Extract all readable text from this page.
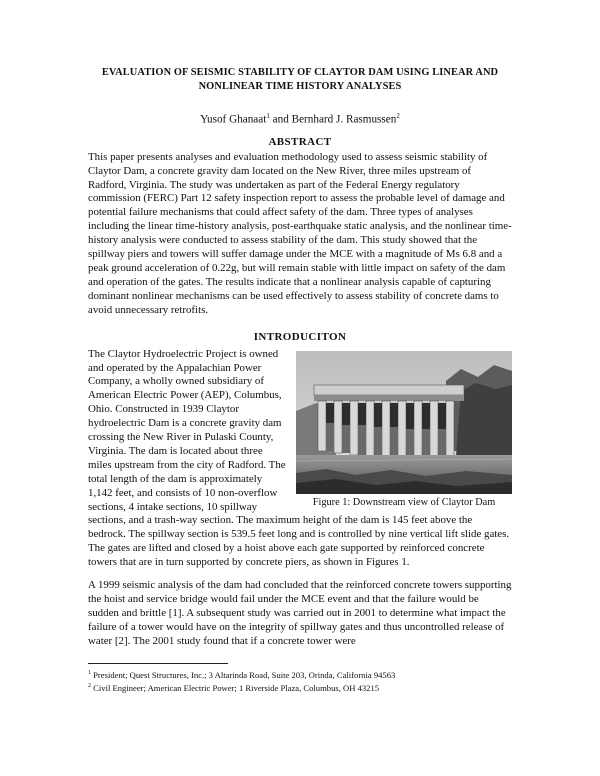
EVALUATION OF SEISMIC STABILITY OF CLAYTOR DAM USING LINEAR AND NONLINEAR TIME HISTORY ANALYSES
Yusof Ghanaat$^1$ and Bernhard J. Rasmussen$^2$
ABSTRACT

This paper presents analyses and evaluation methodology used to assess seismic stability of Claytor Dam, a concrete gravity dam located on the New River, three miles upstream of Radford, Virginia. The study was undertaken as part of the Federal Energy regulatory commission (FERC) Part 12 safety inspection report to assess the probable level of damage and potential failure mechanisms that could affect safety of the dam. Three types of analyses including the linear time-history analysis, post-earthquake static analysis, and the nonlinear time-history analysis were conducted to assess stability of the dam. This study showed that the spillway piers and towers will suffer damage under the MCE with a magnitude of Ms 6.8 and a peak ground acceleration of 0.22g, but will remain stable with little impact on safety of the dam and operation of the gates. The results indicate that a nonlinear analysis capable of capturing dominant nonlinear mechanisms can be used effectively to assess stability of concrete dams to avoid unnecessary retrofits.

INTRODUCITON
Figure 1: Downstream view of Claytor Dam

The Claytor Hydroelectric Project is owned and operated by the Appalachian Power Company, a wholly owned subsidiary of American Electric Power (AEP), Columbus, Ohio. Constructed in 1939 Claytor hydroelectric Dam is a concrete gravity dam crossing the New River in Pulaski County, Virginia. The dam is located about three miles upstream from the city of Radford. The total length of the dam is approximately 1,142 feet, and consists of 10 non-overflow sections, 4 intake sections, 10 spillway sections, and a trash-way section. The maximum height of the dam is 145 feet above the bedrock. The spillway section is 539.5 feet long and is controlled by nine vertical lift slide gates. The gates are lifted and closed by a hoist above each gate supported by reinforced concrete towers that are in turn supported by concrete piers, as shown in Figures 1.

A 1999 seismic analysis of the dam had concluded that the reinforced concrete towers supporting the hoist and service bridge would fail under the MCE event and that the failure would be sudden and brittle [1]. A subsequent study was carried out in 2001 to determine what impact the failure of a tower would have on the integrity of spillway gates and thus uncontrolled release of water [2]. The 2001 study found that if a concrete tower were

$^1$ President; Quest Structures, Inc.; 3 Altarinda Road, Suite 203, Orinda, California 94563
$^2$ Civil Engineer; American Electric Power; 1 Riverside Plaza, Columbus, OH 43215
